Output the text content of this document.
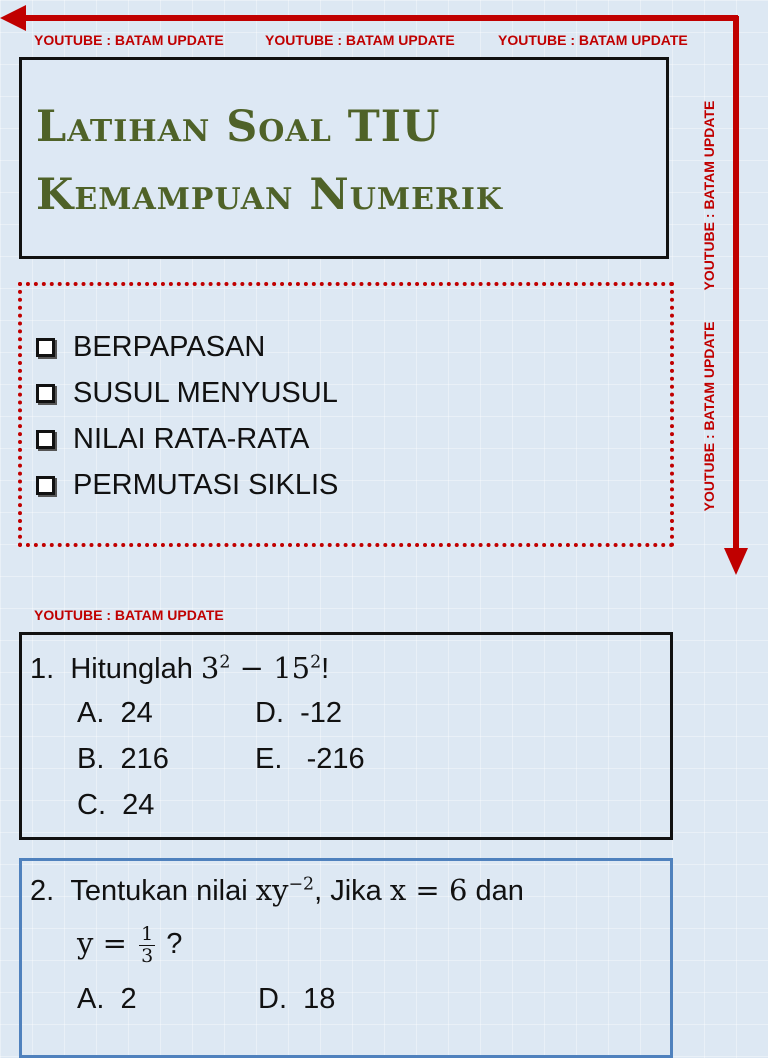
YOUTUBE : BATAM UPDATE	YOUTUBE : BATAM UPDATE	YOUTUBE : BATAM UPDATE
YOUTUBE : BATAM UPDATE        YOUTUBE : BATAM UPDATE
YOUTUBE : BATAM UPDATE
Latihan Soal TIU
Kemampuan Numerik
BERPAPASAN
SUSUL MENYUSUL
NILAI RATA-RATA
PERMUTASI SIKLIS
1. Hitunglah $3^2 - 15^2$!
A. 24	D. -12
B. 216	E. -216
C. 24
2. Tentukan nilai $xy^{-2}$, Jika x = 6 dan
$y = \frac{1}{3}$ ?
A. 2	D. 18
